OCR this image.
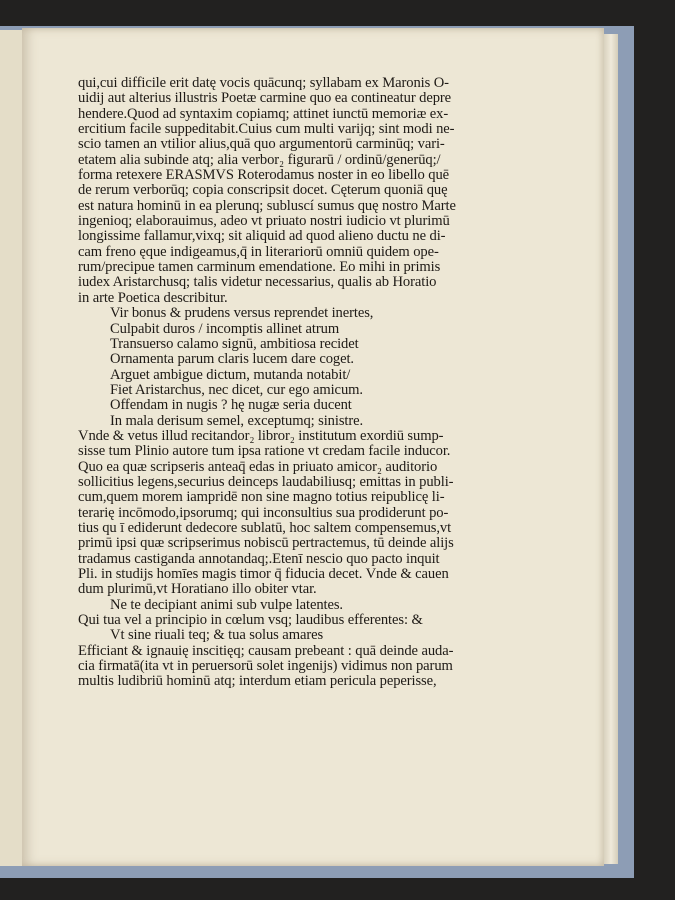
qui,cui difficile erit datę vocis quācunq; syllabam ex Maronis O-
uidij aut alterius illustris Poetæ carmine quo ea contineatur depre
hendere.Quod ad syntaxim copiamq; attinet iunctū memoriæ ex-
ercitium facile suppeditabit.Cuius cum multi varijq; sint modi ne-
scio tamen an vtilior alius,quā quo argumentorū carminūq; vari-
etatem alia subinde atq; alia verbor₂ figurarū / ordinū/generūq;/
forma retexere ERASMVS Roterodamus noster in eo libello quē
de rerum verborūq; copia conscripsit docet. Cęterum quoniā quę
est natura hominū in ea plerunq; subluscí sumus quę nostro Marte
ingenioq; elaborauimus, adeo vt priuato nostri iudicio vt plurimū
longissime fallamur,vixq; sit aliquid ad quod alieno ductu ne di-
cam freno ęque indigeamus,q̄ in literariorū omniū quidem ope-
rum/precipue tamen carminum emendatione. Eo mihi in primis
iudex Aristarchusq; talis videtur necessarius, qualis ab Horatio
in arte Poetica describitur.
Vir bonus & prudens versus reprendet inertes,
Culpabit duros / incomptis allinet atrum
Transuerso calamo signū, ambitiosa recidet
Ornamenta parum claris lucem dare coget.
Arguet ambigue dictum, mutanda notabit/
Fiet Aristarchus, nec dicet, cur ego amicum.
Offendam in nugis ? hę nugæ seria ducent
In mala derisum semel, exceptumq; sinistre.
Vnde & vetus illud recitandor₂ libror₂ institutum exordiū sump-
sisse tum Plinio autore tum ipsa ratione vt credam facile inducor.
Quo ea quæ scripseris anteaq̄ edas in priuato amicor₂ auditorio
sollicitius legens,securius deinceps laudabiliusq; emittas in publi-
cum,quem morem iampridē non sine magno totius reipublicę li-
terarię incōmodo,ipsorumq; qui inconsultius sua prodiderunt po-
tius qu ī ediderunt dedecore sublatū, hoc saltem compensemus,vt
primū ipsi quæ scripserimus nobiscū pertractemus, tū deinde alijs
tradamus castiganda annotandaq;.Etenī nescio quo pacto inquit
Pli. in studijs homīes magis timor q̄ fiducia decet. Vnde & cauen
dum plurimū,vt Horatiano illo obiter vtar.
Ne te decipiant animi sub vulpe latentes.
Qui tua vel a principio in cœlum vsq; laudibus efferentes: &
Vt sine riuali teq; & tua solus amares
Efficiant & ignauię inscitięq; causam prebeant : quā deinde auda-
cia firmatā(ita vt in peruersorū solet ingenijs) vidimus non parum
multis ludibriū hominū atq; interdum etiam pericula peperisse,
